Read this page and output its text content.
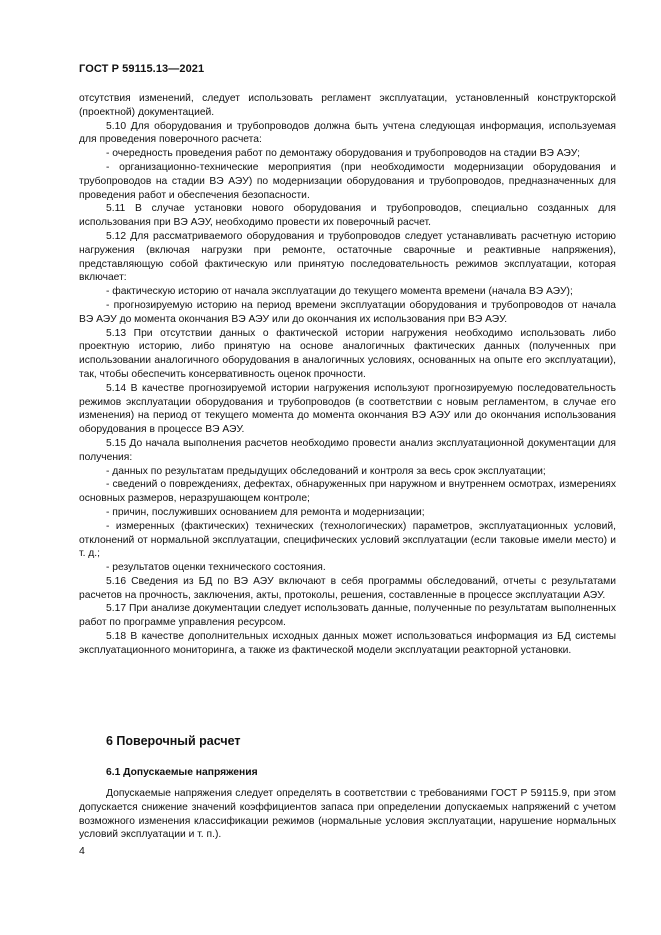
ГОСТ Р 59115.13—2021

отсутствия изменений, следует использовать регламент эксплуатации, установленный конструкторской (проектной) документацией.

5.10 Для оборудования и трубопроводов должна быть учтена следующая информация, используемая для проведения поверочного расчета:

- очередность проведения работ по демонтажу оборудования и трубопроводов на стадии ВЭ АЭУ;

- организационно-технические мероприятия (при необходимости модернизации оборудования и трубопроводов на стадии ВЭ АЭУ) по модернизации оборудования и трубопроводов, предназначенных для проведения работ и обеспечения безопасности.

5.11 В случае установки нового оборудования и трубопроводов, специально созданных для использования при ВЭ АЭУ, необходимо провести их поверочный расчет.

5.12 Для рассматриваемого оборудования и трубопроводов следует устанавливать расчетную историю нагружения (включая нагрузки при ремонте, остаточные сварочные и реактивные напряжения), представляющую собой фактическую или принятую последовательность режимов эксплуатации, которая включает:

- фактическую историю от начала эксплуатации до текущего момента времени (начала ВЭ АЭУ);

- прогнозируемую историю на период времени эксплуатации оборудования и трубопроводов от начала ВЭ АЭУ до момента окончания ВЭ АЭУ или до окончания их использования при ВЭ АЭУ.

5.13 При отсутствии данных о фактической истории нагружения необходимо использовать либо проектную историю, либо принятую на основе аналогичных фактических данных (полученных при использовании аналогичного оборудования в аналогичных условиях, основанных на опыте его эксплуатации), так, чтобы обеспечить консервативность оценок прочности.

5.14 В качестве прогнозируемой истории нагружения используют прогнозируемую последовательность режимов эксплуатации оборудования и трубопроводов (в соответствии с новым регламентом, в случае его изменения) на период от текущего момента до момента окончания ВЭ АЭУ или до окончания использования оборудования в процессе ВЭ АЭУ.

5.15 До начала выполнения расчетов необходимо провести анализ эксплуатационной документации для получения:

- данных по результатам предыдущих обследований и контроля за весь срок эксплуатации;

- сведений о повреждениях, дефектах, обнаруженных при наружном и внутреннем осмотрах, измерениях основных размеров, неразрушающем контроле;

- причин, послуживших основанием для ремонта и модернизации;

- измеренных (фактических) технических (технологических) параметров, эксплуатационных условий, отклонений от нормальной эксплуатации, специфических условий эксплуатации (если таковые имели место) и т. д.;

- результатов оценки технического состояния.

5.16 Сведения из БД по ВЭ АЭУ включают в себя программы обследований, отчеты с результатами расчетов на прочность, заключения, акты, протоколы, решения, составленные в процессе эксплуатации АЭУ.

5.17 При анализе документации следует использовать данные, полученные по результатам выполненных работ по программе управления ресурсом.

5.18 В качестве дополнительных исходных данных может использоваться информация из БД системы эксплуатационного мониторинга, а также из фактической модели эксплуатации реакторной установки.

6 Поверочный расчет
6.1 Допускаемые напряжения

Допускаемые напряжения следует определять в соответствии с требованиями ГОСТ Р 59115.9, при этом допускается снижение значений коэффициентов запаса при определении допускаемых напряжений с учетом возможного изменения классификации режимов (нормальные условия эксплуатации, нарушение нормальных условий эксплуатации и т. п.).

4
